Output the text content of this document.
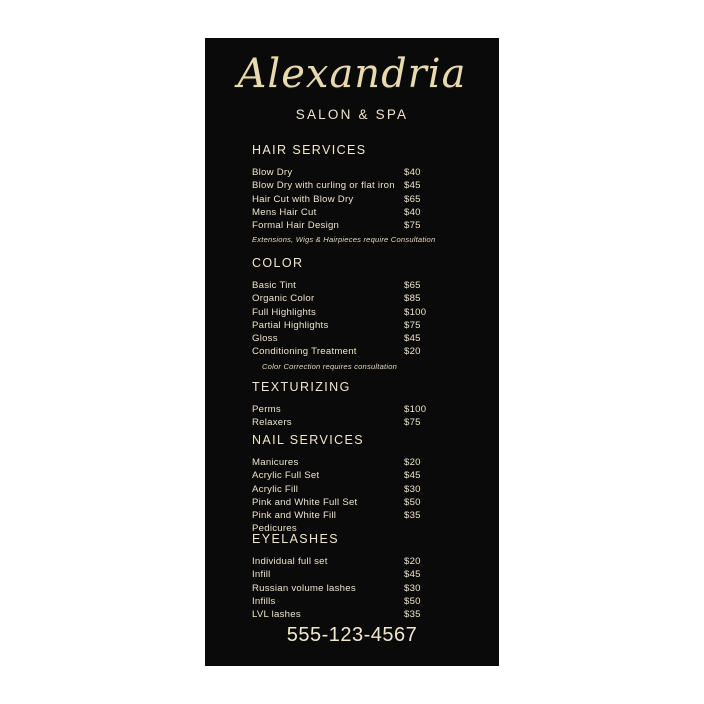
Alexandria
SALON & SPA
HAIR SERVICES
Blow Dry	$40
Blow Dry with curling or flat iron $45
Hair Cut with Blow Dry	$65
Mens Hair Cut	$40
Formal Hair Design	$75
Extensions, Wigs & Hairpieces require Consultation
COLOR
Basic Tint	$65
Organic Color	$85
Full Highlights	$100
Partial Highlights	$75
Gloss	$45
Conditioning Treatment	$20
Color Correction requires consultation
TEXTURIZING
Perms	$100
Relaxers	$75
NAIL SERVICES
Manicures	$20
Acrylic Full Set	$45
Acrylic Fill	$30
Pink and White Full Set	$50
Pink and White Fill	$35
Pedicures
EYELASHES
Individual full set	$20
Infill	$45
Russian volume lashes	$30
Infills	$50
LVL lashes	$35
555-123-4567
